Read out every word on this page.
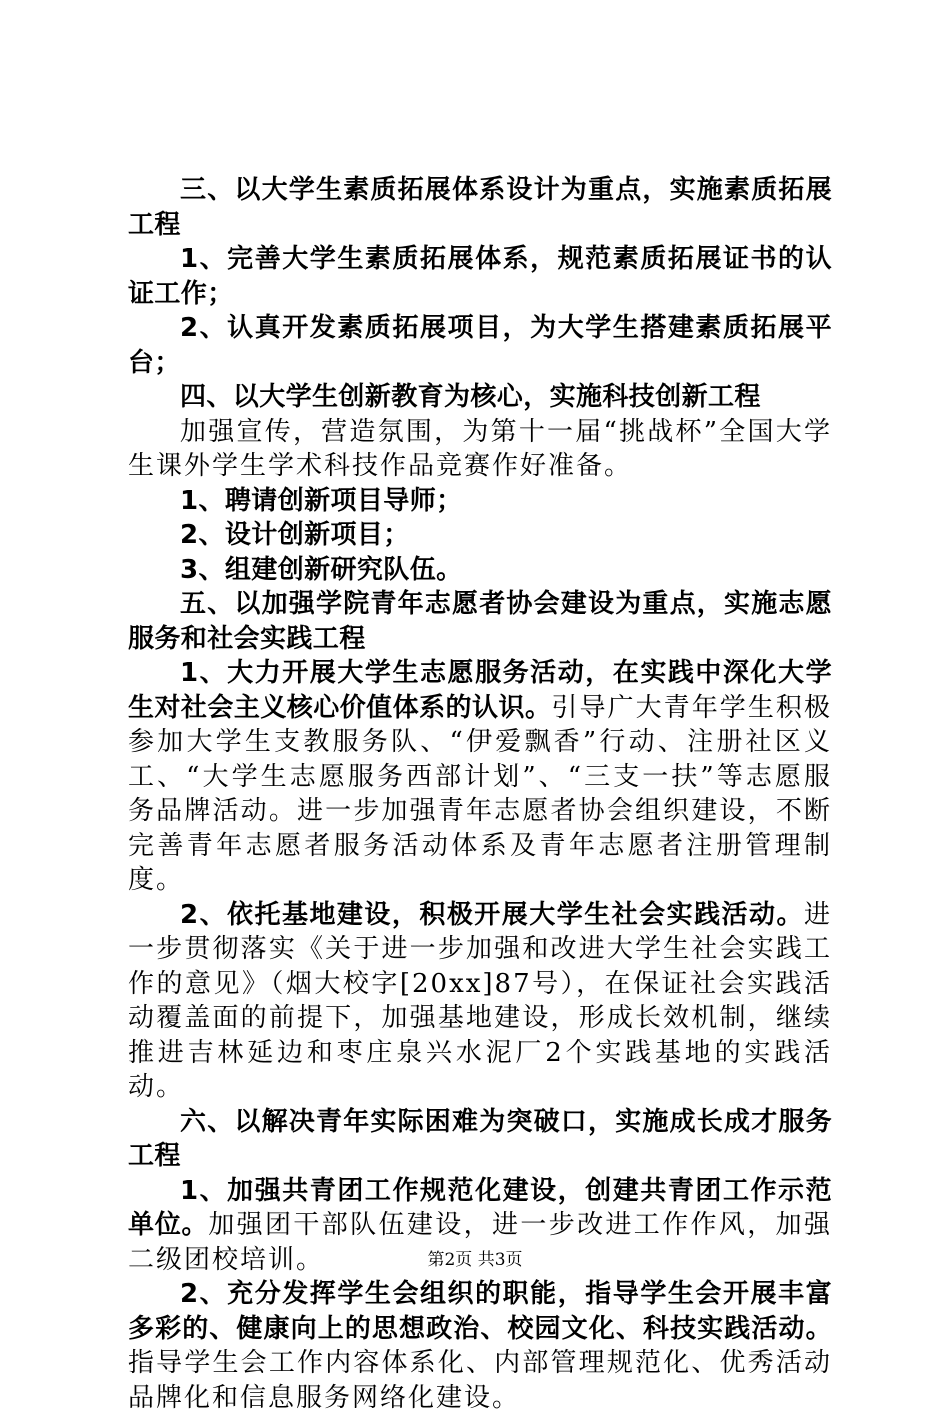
三、以大学生素质拓展体系设计为重点，实施素质拓展工程

1、完善大学生素质拓展体系，规范素质拓展证书的认证工作；

2、认真开发素质拓展项目，为大学生搭建素质拓展平台；

四、以大学生创新教育为核心，实施科技创新工程

加强宣传，营造氛围，为第十一届“挑战杯”全国大学生课外学生学术科技作品竞赛作好准备。

1、聘请创新项目导师；

2、设计创新项目；

3、组建创新研究队伍。

五、以加强学院青年志愿者协会建设为重点，实施志愿服务和社会实践工程

1、大力开展大学生志愿服务活动，在实践中深化大学生对社会主义核心价值体系的认识。引导广大青年学生积极参加大学生支教服务队、“伊爱飘香”行动、注册社区义工、“大学生志愿服务西部计划”、“三支一扶”等志愿服务品牌活动。进一步加强青年志愿者协会组织建设，不断完善青年志愿者服务活动体系及青年志愿者注册管理制度。

2、依托基地建设，积极开展大学生社会实践活动。进一步贯彻落实《关于进一步加强和改进大学生社会实践工作的意见》（烟大校字[20xx]87号），在保证社会实践活动覆盖面的前提下，加强基地建设，形成长效机制，继续推进吉林延边和枣庄泉兴水泥厂2个实践基地的实践活动。

六、以解决青年实际困难为突破口，实施成长成才服务工程

1、加强共青团工作规范化建设，创建共青团工作示范单位。加强团干部队伍建设，进一步改进工作作风，加强二级团校培训。

2、充分发挥学生会组织的职能，指导学生会开展丰富多彩的、健康向上的思想政治、校园文化、科技实践活动。指导学生会工作内容体系化、内部管理规范化、优秀活动品牌化和信息服务网络化建设。

第2页 共3页
